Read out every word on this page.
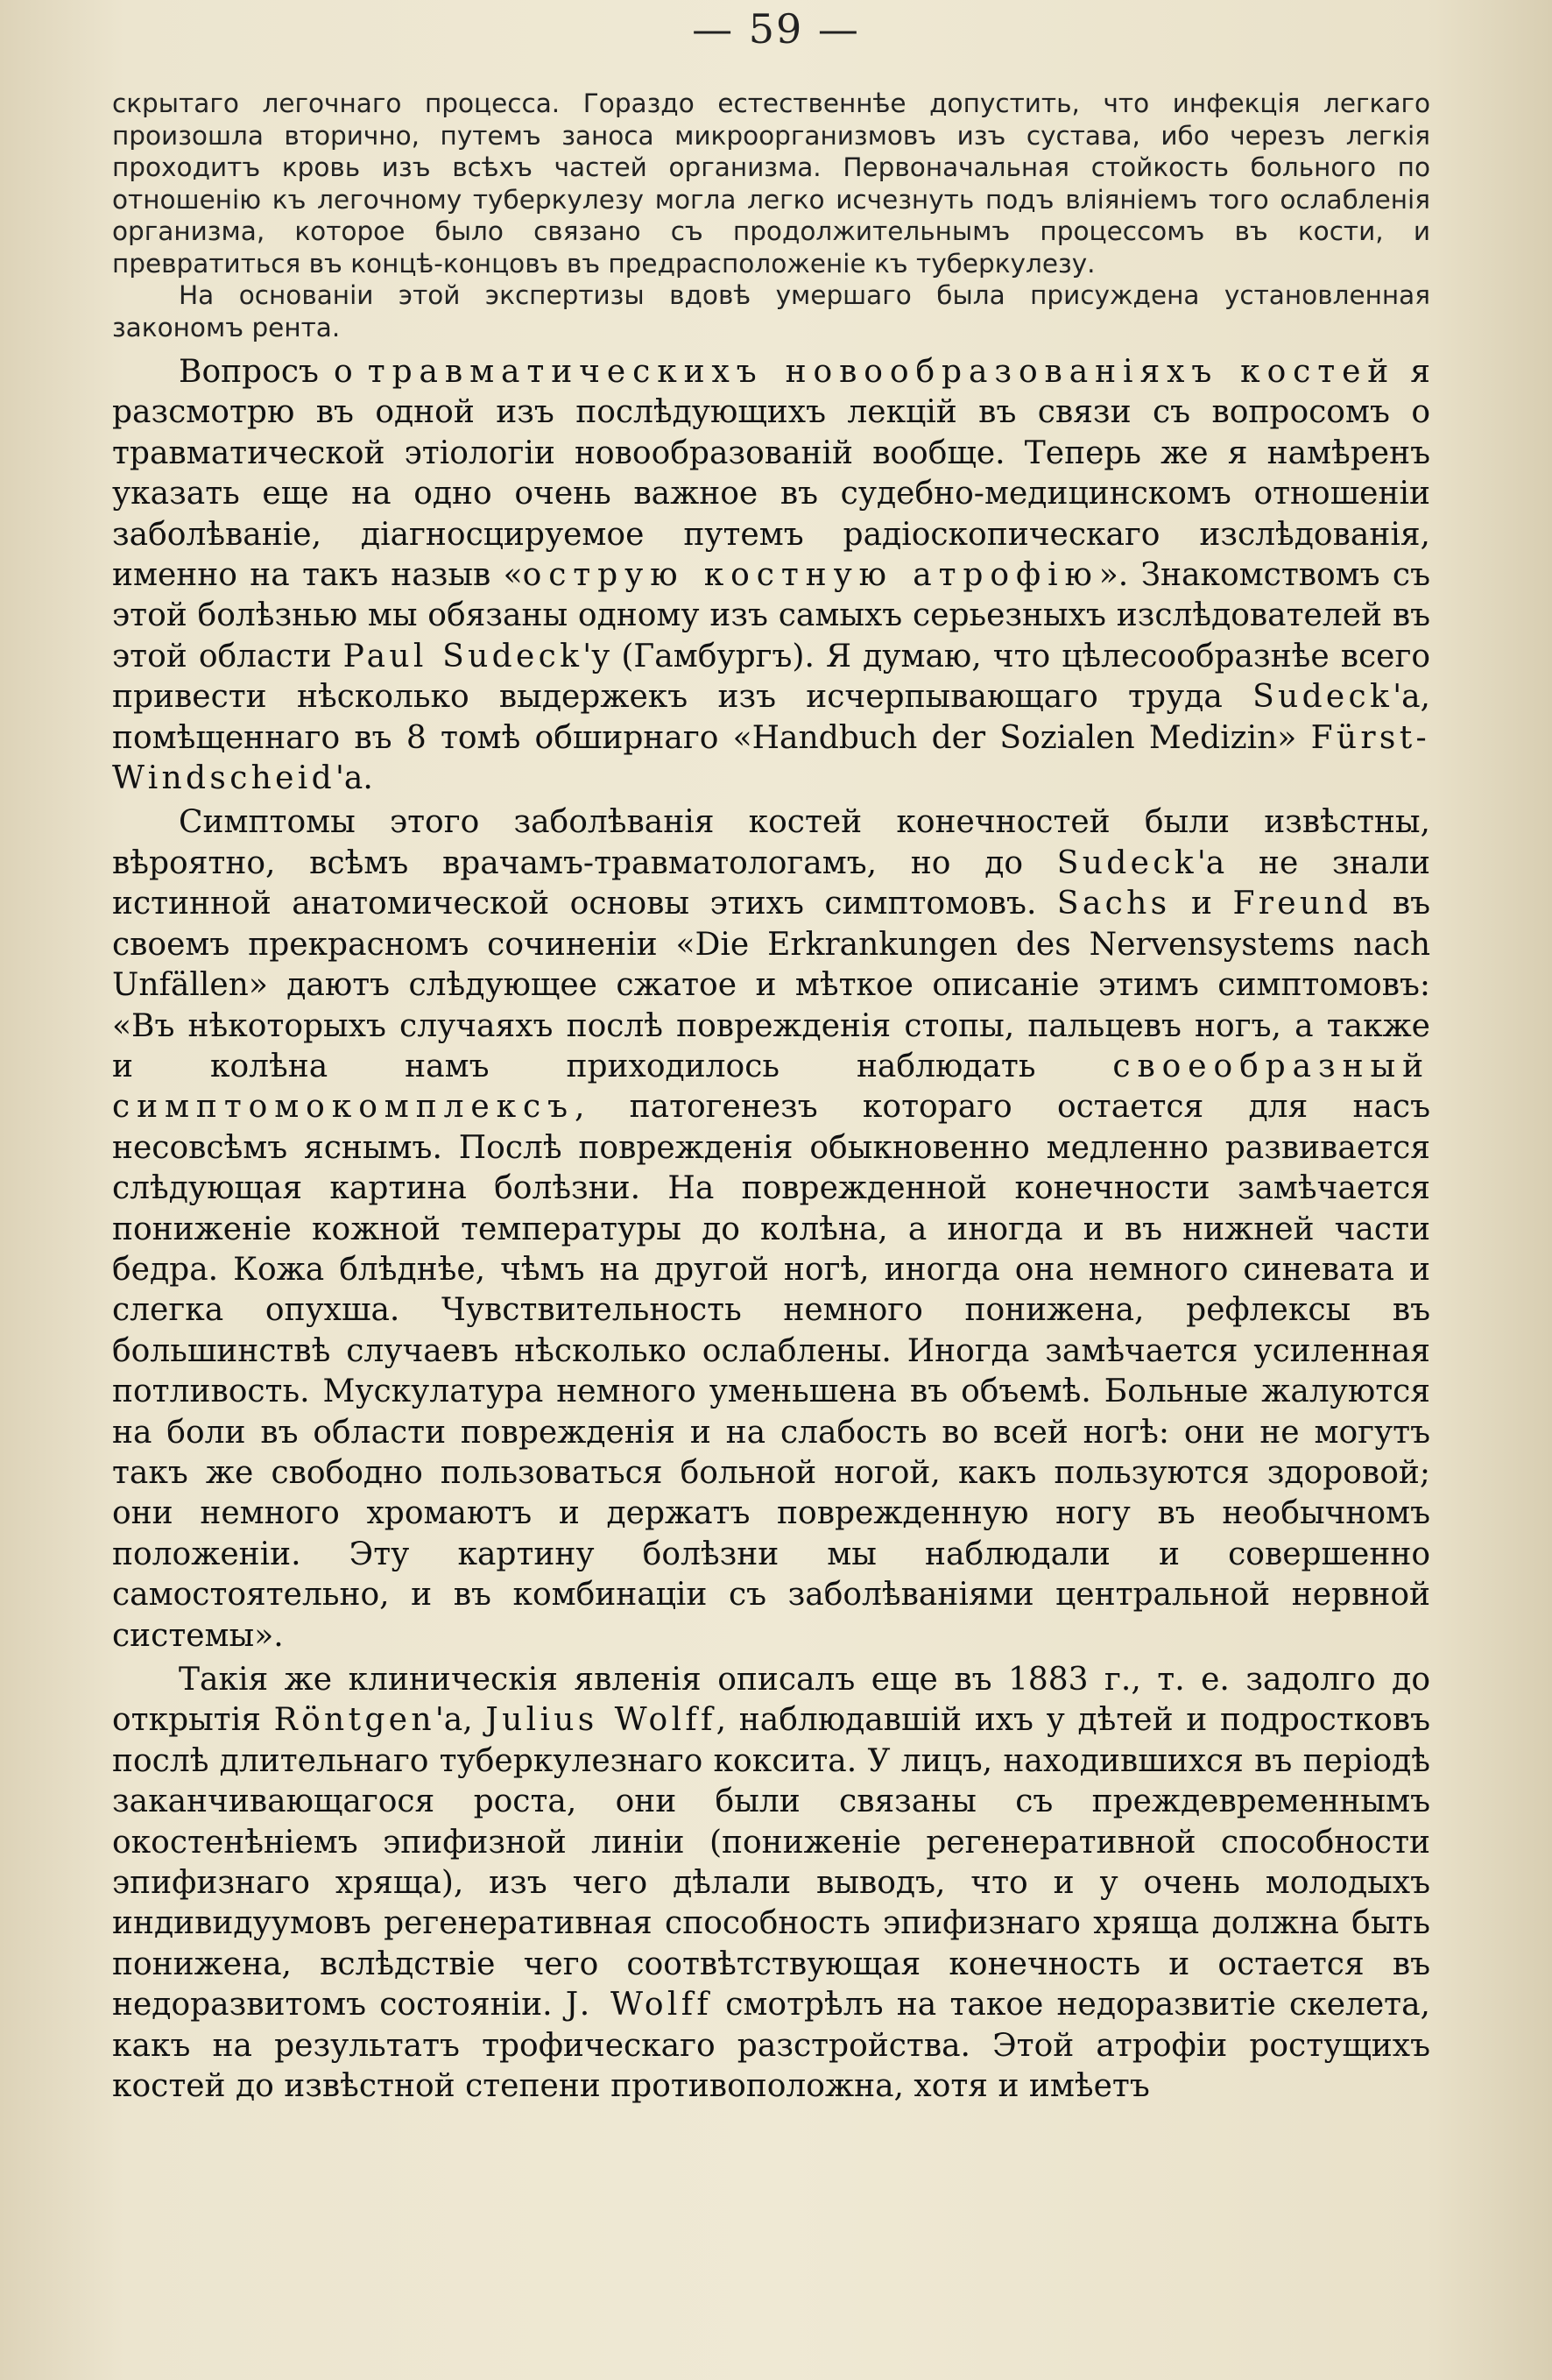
— 59 —

скрытаго легочнаго процесса. Гораздо естественнѣе допустить, что инфекція легкаго произошла вторично, путемъ заноса микроорганизмовъ изъ сустава, ибо черезъ легкія проходитъ кровь изъ всѣхъ частей организма. Первоначальная стойкость больного по отношенію къ легочному туберкулезу могла легко исчезнуть подъ вліяніемъ того ослабленія организма, которое было связано съ продолжительнымъ процессомъ въ кости, и превратиться въ концѣ-концовъ въ предрасположеніе къ туберкулезу.

На основаніи этой экспертизы вдовѣ умершаго была присуждена установленная закономъ рента.

Вопросъ о травматическихъ новообразованіяхъ костей я разсмотрю въ одной изъ послѣдующихъ лекцій въ связи съ вопросомъ о травматической этіологіи новообразованій вообще. Теперь же я намѣренъ указать еще на одно очень важное въ судебно-медицинскомъ отношеніи заболѣваніе, діагносцируемое путемъ радіоскопическаго изслѣдованія, именно на такъ назыв «острую костную атрофію». Знакомствомъ съ этой болѣзнью мы обязаны одному изъ самыхъ серьезныхъ изслѣдователей въ этой области Paul Sudeck'у (Гамбургъ). Я думаю, что цѣлесообразнѣе всего привести нѣсколько выдержекъ изъ исчерпывающаго труда Sudeck'а, помѣщеннаго въ 8 томѣ обширнаго «Handbuch der Sozialen Medizin» Fürst-Windscheid'а.

Симптомы этого заболѣванія костей конечностей были извѣстны, вѣроятно, всѣмъ врачамъ-травматологамъ, но до Sudeck'а не знали истинной анатомической основы этихъ симптомовъ. Sachs и Freund въ своемъ прекрасномъ сочиненіи «Die Erkrankungen des Nervensystems nach Unfällen» даютъ слѣдующее сжатое и мѣткое описаніе этимъ симптомовъ: «Въ нѣкоторыхъ случаяхъ послѣ поврежденія стопы, пальцевъ ногъ, а также и колѣна намъ приходилось наблюдать своеобразный симптомокомплексъ, патогенезъ котораго остается для насъ несовсѣмъ яснымъ. Послѣ поврежденія обыкновенно медленно развивается слѣдующая картина болѣзни. На поврежденной конечности замѣчается пониженіе кожной температуры до колѣна, а иногда и въ нижней части бедра. Кожа блѣднѣе, чѣмъ на другой ногѣ, иногда она немного синевата и слегка опухша. Чувствительность немного понижена, рефлексы въ большинствѣ случаевъ нѣсколько ослаблены. Иногда замѣчается усиленная потливость. Мускулатура немного уменьшена въ объемѣ. Больные жалуются на боли въ области поврежденія и на слабость во всей ногѣ: они не могутъ такъ же свободно пользоваться больной ногой, какъ пользуются здоровой; они немного хромаютъ и держатъ поврежденную ногу въ необычномъ положеніи. Эту картину болѣзни мы наблюдали и совершенно самостоятельно, и въ комбинаціи съ заболѣваніями центральной нервной системы».

Такія же клиническія явленія описалъ еще въ 1883 г., т. е. задолго до открытія Röntgen'а, Julius Wolff, наблюдавшій ихъ у дѣтей и подростковъ послѣ длительнаго туберкулезнаго коксита. У лицъ, находившихся въ періодѣ заканчивающагося роста, они были связаны съ преждевременнымъ окостенѣніемъ эпифизной линіи (пониженіе регенеративной способности эпифизнаго хряща), изъ чего дѣлали выводъ, что и у очень молодыхъ индивидуумовъ регенеративная способность эпифизнаго хряща должна быть понижена, вслѣдствіе чего соотвѣтствующая конечность и остается въ недоразвитомъ состояніи. J. Wolff смотрѣлъ на такое недоразвитіе скелета, какъ на результатъ трофическаго разстройства. Этой атрофіи ростущихъ костей до извѣстной степени противоположна, хотя и имѣетъ
